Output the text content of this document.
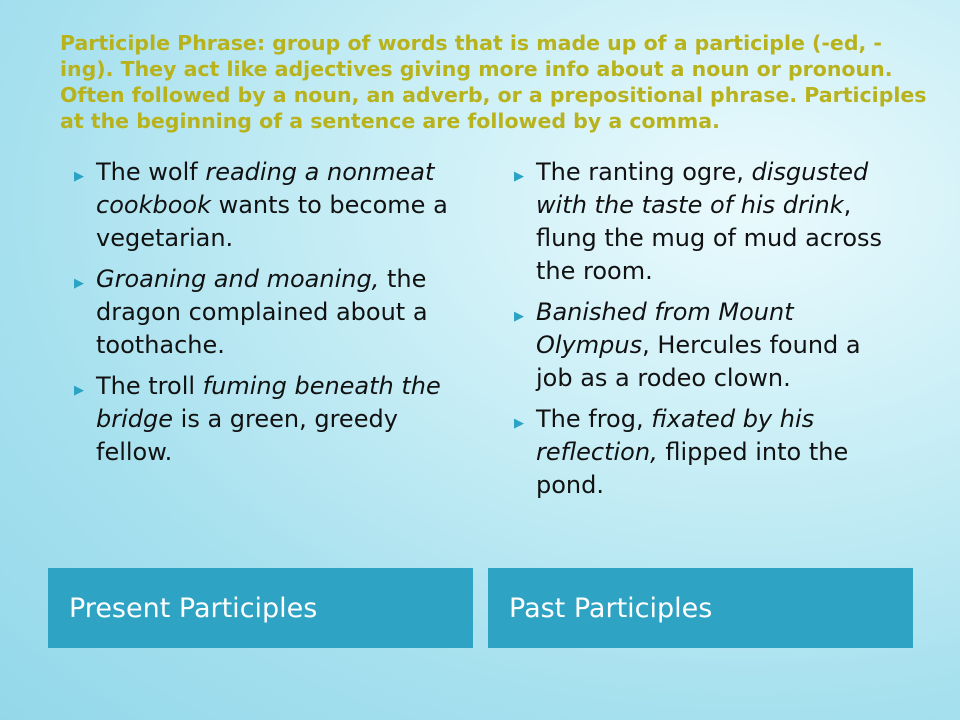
Participle Phrase: group of words that is made up of a participle (-ed, -ing). They act like adjectives giving more info about a noun or pronoun. Often followed by a noun, an adverb, or a prepositional phrase. Participles at the beginning of a sentence are followed by a comma.

▶ The wolf reading a nonmeat cookbook wants to become a vegetarian.
▶ Groaning and moaning, the dragon complained about a toothache.
▶ The troll fuming beneath the bridge is a green, greedy fellow.
▶ The ranting ogre, disgusted with the taste of his drink, flung the mug of mud across the room.
▶ Banished from Mount Olympus, Hercules found a job as a rodeo clown.
▶ The frog, fixated by his reflection, flipped into the pond.
Present Participles	Past Participles
